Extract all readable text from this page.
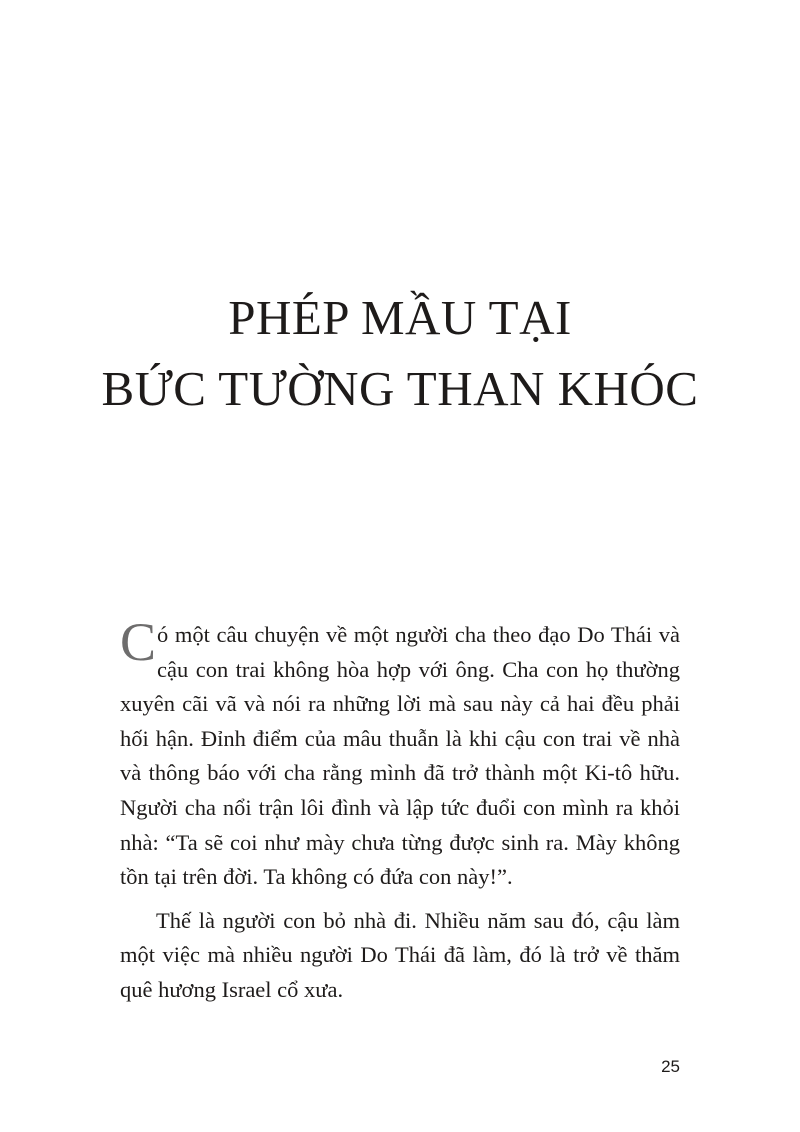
PHÉP MẦU TẠI
BỨC TƯỜNG THAN KHÓC

Có một câu chuyện về một người cha theo đạo Do Thái và cậu con trai không hòa hợp với ông. Cha con họ thường xuyên cãi vã và nói ra những lời mà sau này cả hai đều phải hối hận. Đỉnh điểm của mâu thuẫn là khi cậu con trai về nhà và thông báo với cha rằng mình đã trở thành một Ki-tô hữu. Người cha nổi trận lôi đình và lập tức đuổi con mình ra khỏi nhà: “Ta sẽ coi như mày chưa từng được sinh ra. Mày không tồn tại trên đời. Ta không có đứa con này!”.

Thế là người con bỏ nhà đi. Nhiều năm sau đó, cậu làm một việc mà nhiều người Do Thái đã làm, đó là trở về thăm quê hương Israel cổ xưa.

25
